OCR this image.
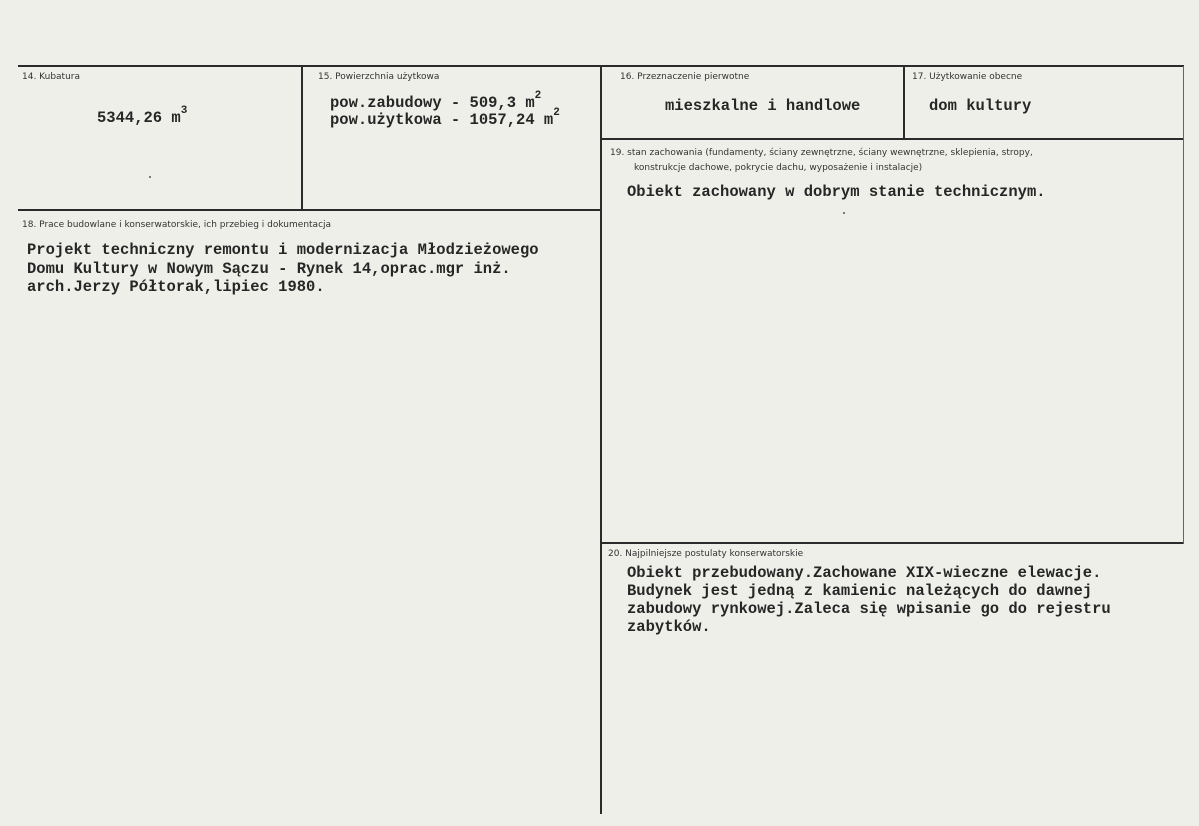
14. Kubatura
5344,26 $m^3$
15. Powierzchnia użytkowa
pow.zabudowy - 509,3 $m^2$
pow.użytkowa - 1057,24 $m^2$
16. Przeznaczenie pierwotne
mieszkalne i handlowe
17. Użytkowanie obecne
dom kultury
18. Prace budowlane i konserwatorskie, ich przebieg i dokumentacja
Projekt techniczny remontu i modernizacja Młodzieżowego
Domu Kultury w Nowym Sączu - Rynek 14,oprac.mgr inż.
arch.Jerzy Półtorak,lipiec 1980.
19. stan zachowania (fundamenty, ściany zewnętrzne, ściany wewnętrzne, sklepienia, stropy,
konstrukcje dachowe, pokrycie dachu, wyposażenie i instalacje)
Obiekt zachowany w dobrym stanie technicznym.
20. Najpilniejsze postulaty konserwatorskie
Obiekt przebudowany.Zachowane XIX-wieczne elewacje.
Budynek jest jedną z kamienic należących do dawnej
zabudowy rynkowej.Zaleca się wpisanie go do rejestru
zabytków.
